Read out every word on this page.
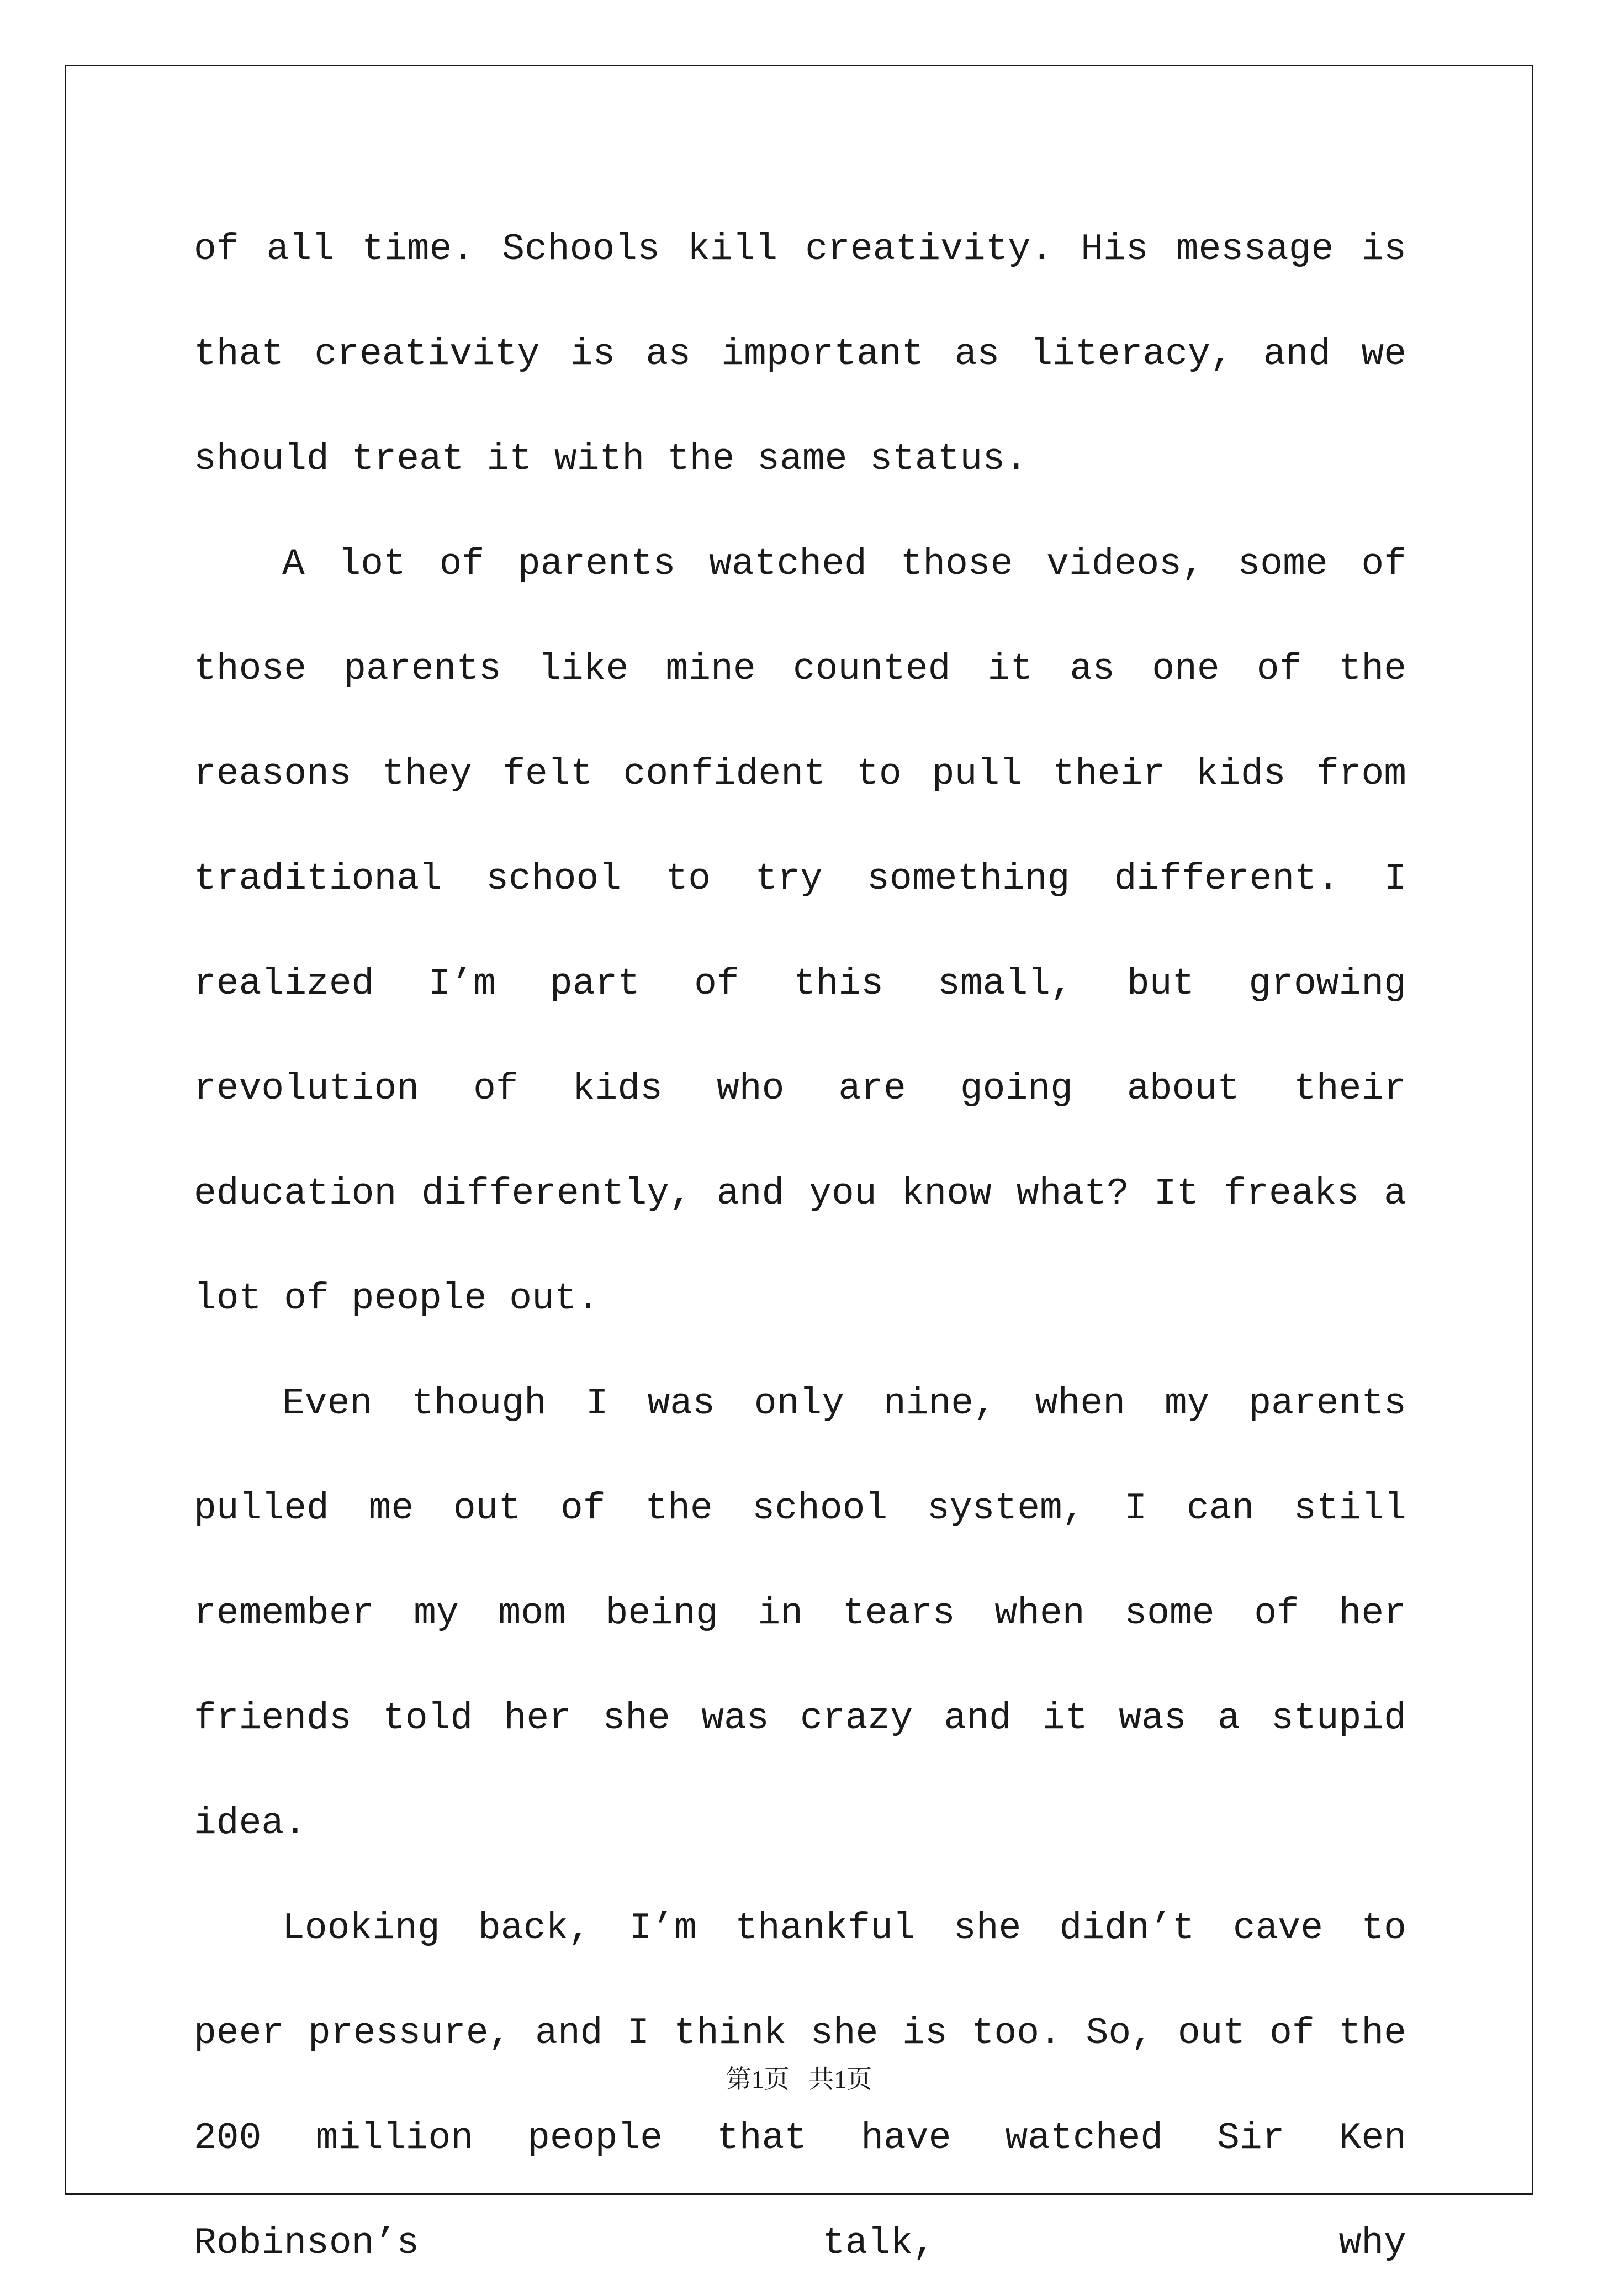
of all time. Schools kill creativity. His message is that creativity is as important as literacy, and we should treat it with the same status.

A lot of parents watched those videos, some of those parents like mine counted it as one of the reasons they felt confident to pull their kids from traditional school to try something different. I realized I’m part of this small, but growing revolution of kids who are going about their education differently, and you know what? It freaks a lot of people out.

Even though I was only nine, when my parents pulled me out of the school system, I can still remember my mom being in tears when some of her friends told her she was crazy and it was a stupid idea.

Looking back, I’m thankful she didn’t cave to peer pressure, and I think she is too. So, out of the 200 million people that have watched Sir Ken Robinson’s talk, why

第1页   共1页
